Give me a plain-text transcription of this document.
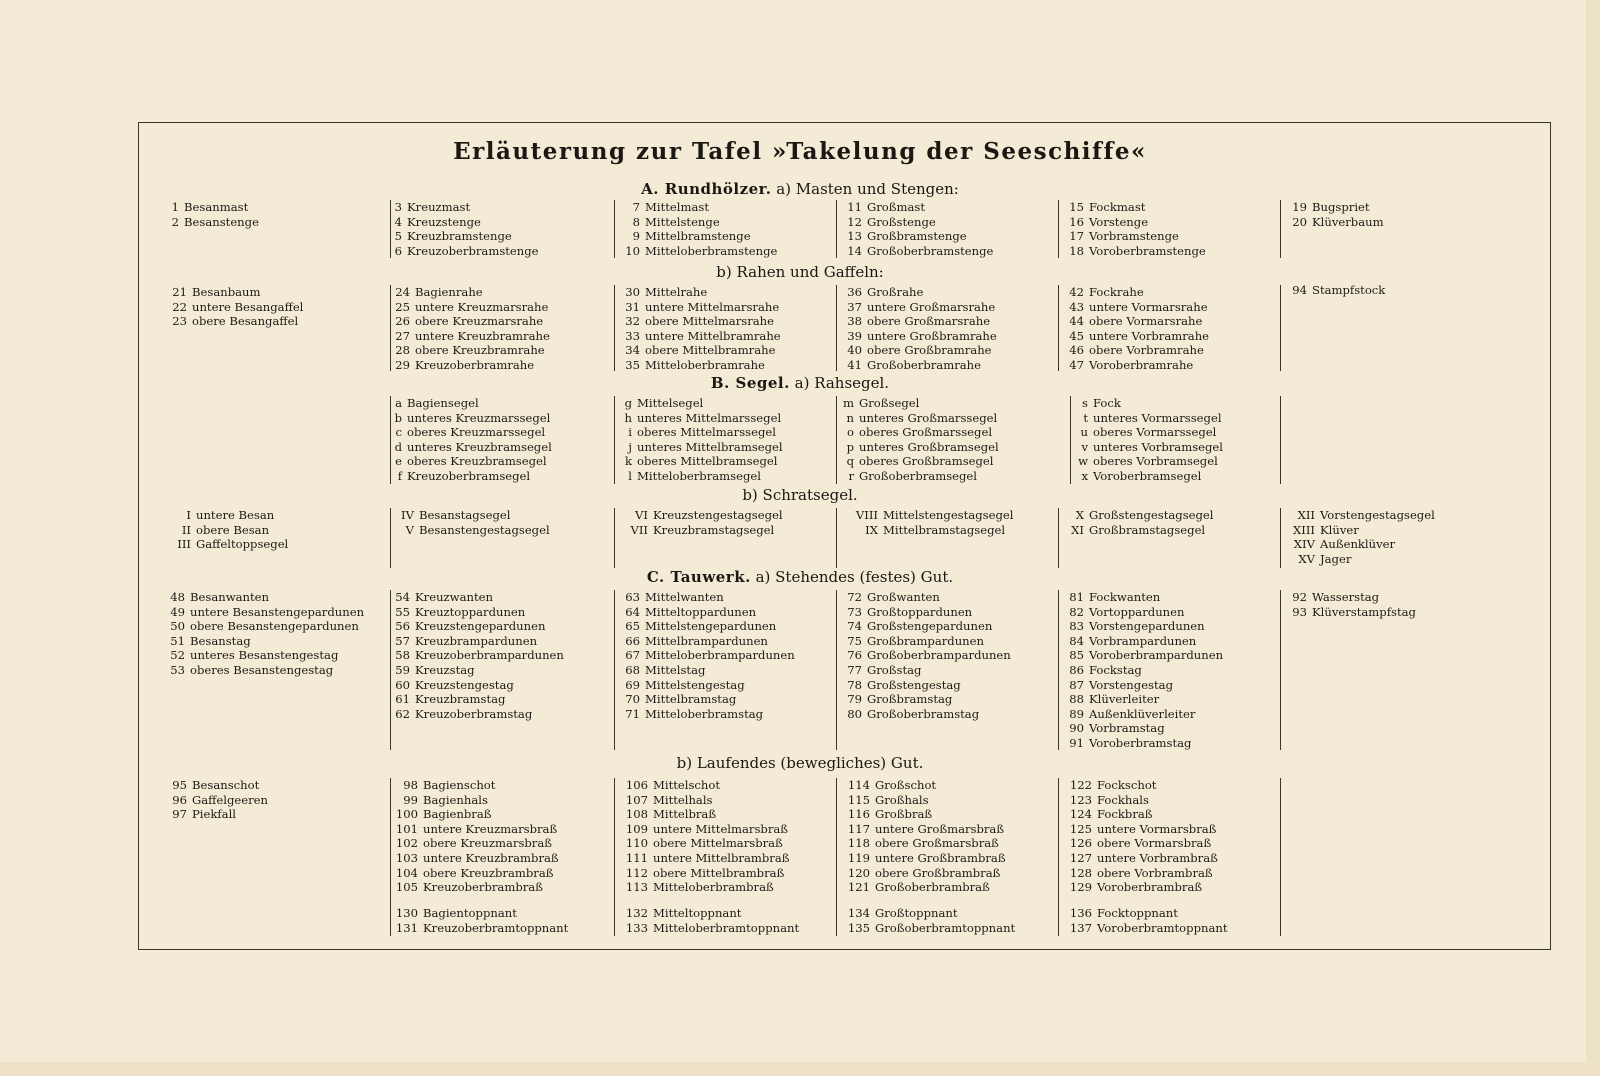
Erläuterung zur Tafel »Takelung der Seeschiffe«
A. Rundhölzer. a) Masten und Stengen:
b) Rahen und Gaffeln:
B. Segel. a) Rahsegel.
b) Schratsegel.
C. Tauwerk. a) Stehendes (festes) Gut.
b) Laufendes (bewegliches) Gut.
1 Besanmast
2 Besanstenge
3 Kreuzmast
4 Kreuzstenge
5 Kreuzbramstenge
6 Kreuzoberbramstenge
7 Mittelmast
8 Mittelstenge
9 Mittelbramstenge
10 Mitteloberbramstenge
11 Großmast
12 Großstenge
13 Großbramstenge
14 Großoberbramstenge
15 Fockmast
16 Vorstenge
17 Vorbramstenge
18 Voroberbramstenge
19 Bugspriet
20 Klüverbaum
21 Besanbaum
22 untere Besangaffel
23 obere Besangaffel
24 Bagienrahe
25 untere Kreuzmarsrahe
26 obere Kreuzmarsrahe
27 untere Kreuzbramrahe
28 obere Kreuzbramrahe
29 Kreuzoberbramrahe
30 Mittelrahe
31 untere Mittelmarsrahe
32 obere Mittelmarsrahe
33 untere Mittelbramrahe
34 obere Mittelbramrahe
35 Mitteloberbramrahe
36 Großrahe
37 untere Großmarsrahe
38 obere Großmarsrahe
39 untere Großbramrahe
40 obere Großbramrahe
41 Großoberbramrahe
42 Fockrahe
43 untere Vormarsrahe
44 obere Vormarsrahe
45 untere Vorbramrahe
46 obere Vorbramrahe
47 Voroberbramrahe
94 Stampfstock
a Bagiensegel
b unteres Kreuzmarssegel
c oberes Kreuzmarssegel
d unteres Kreuzbramsegel
e oberes Kreuzbramsegel
f Kreuzoberbramsegel
g Mittelsegel
h unteres Mittelmarssegel
i oberes Mittelmarssegel
j unteres Mittelbramsegel
k oberes Mittelbramsegel
l Mitteloberbramsegel
m Großsegel
n unteres Großmarssegel
o oberes Großmarssegel
p unteres Großbramsegel
q oberes Großbramsegel
r Großoberbramsegel
s Fock
t unteres Vormarssegel
u oberes Vormarssegel
v unteres Vorbramsegel
w oberes Vorbramsegel
x Voroberbramsegel
I untere Besan
II obere Besan
III Gaffeltoppsegel
IV Besanstagsegel
V Besanstengestagsegel
VI Kreuzstengestagsegel
VII Kreuzbramstagsegel
VIII Mittelstengestagsegel
IX Mittelbramstagsegel
X Großstengestagsegel
XI Großbramstagsegel
XII Vorstengestagsegel
XIII Klüver
XIV Außenklüver
XV Jager
48 Besanwanten
49 untere Besanstengepardunen
50 obere Besanstengepardunen
51 Besanstag
52 unteres Besanstengestag
53 oberes Besanstengestag
54 Kreuzwanten
55 Kreuztoppardunen
56 Kreuzstengepardunen
57 Kreuzbrampardunen
58 Kreuzoberbrampardunen
59 Kreuzstag
60 Kreuzstengestag
61 Kreuzbramstag
62 Kreuzoberbramstag
63 Mittelwanten
64 Mitteltoppardunen
65 Mittelstengepardunen
66 Mittelbrampardunen
67 Mitteloberbrampardunen
68 Mittelstag
69 Mittelstengestag
70 Mittelbramstag
71 Mitteloberbramstag
72 Großwanten
73 Großtoppardunen
74 Großstengepardunen
75 Großbrampardunen
76 Großoberbrampardunen
77 Großstag
78 Großstengestag
79 Großbramstag
80 Großoberbramstag
81 Fockwanten
82 Vortoppardunen
83 Vorstengepardunen
84 Vorbrampardunen
85 Voroberbrampardunen
86 Fockstag
87 Vorstengestag
88 Klüverleiter
89 Außenklüverleiter
90 Vorbramstag
91 Voroberbramstag
92 Wasserstag
93 Klüverstampfstag
95 Besanschot
96 Gaffelgeeren
97 Piekfall
98 Bagienschot
99 Bagienhals
100 Bagienbraß
101 untere Kreuzmarsbraß
102 obere Kreuzmarsbraß
103 untere Kreuzbrambraß
104 obere Kreuzbrambraß
105 Kreuzoberbrambraß
106 Mittelschot
107 Mittelhals
108 Mittelbraß
109 untere Mittelmarsbraß
110 obere Mittelmarsbraß
111 untere Mittelbrambraß
112 obere Mittelbrambraß
113 Mitteloberbrambraß
114 Großschot
115 Großhals
116 Großbraß
117 untere Großmarsbraß
118 obere Großmarsbraß
119 untere Großbrambraß
120 obere Großbrambraß
121 Großoberbrambraß
122 Fockschot
123 Fockhals
124 Fockbraß
125 untere Vormarsbraß
126 obere Vormarsbraß
127 untere Vorbrambraß
128 obere Vorbrambraß
129 Voroberbrambraß
130 Bagientoppnant
131 Kreuzoberbramtoppnant
132 Mitteltoppnant
133 Mitteloberbramtoppnant
134 Großtoppnant
135 Großoberbramtoppnant
136 Focktoppnant
137 Voroberbramtoppnant
